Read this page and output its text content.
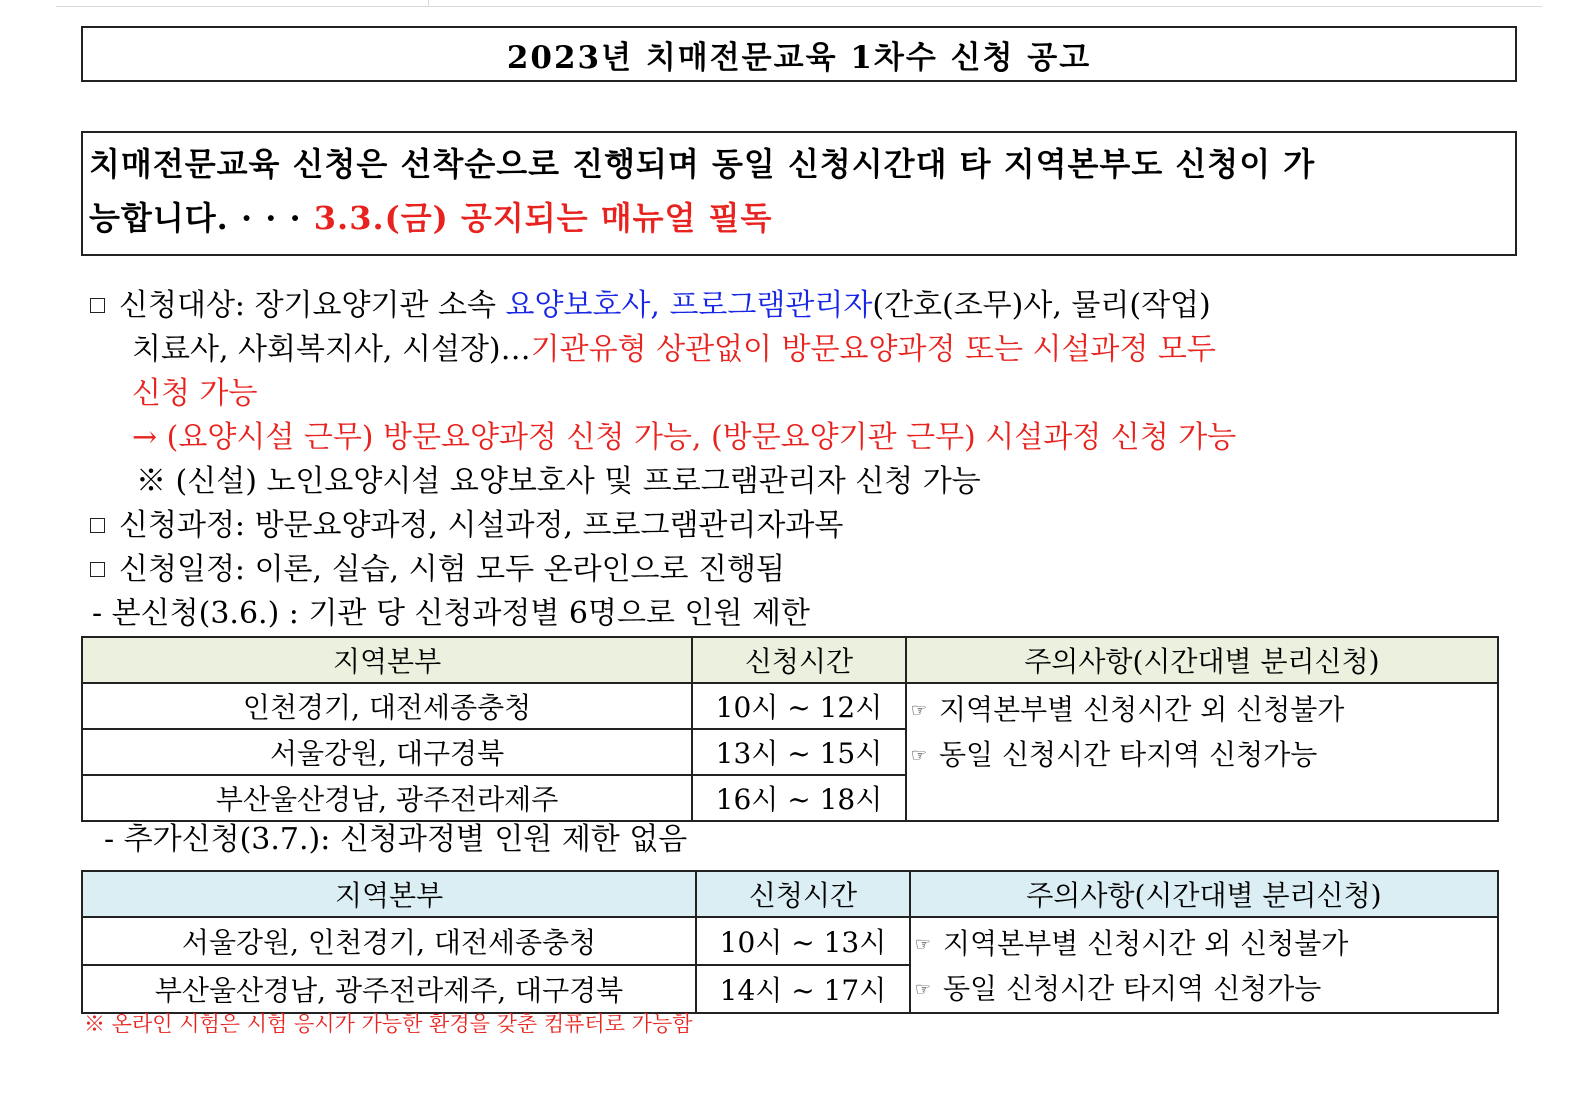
2023년 치매전문교육 1차수 신청 공고
치매전문교육 신청은 선착순으로 진행되며 동일 신청시간대 타 지역본부도 신청이 가
능합니다. · · · 3.3.(금) 공지되는 매뉴얼 필독
신청대상: 장기요양기관 소속 요양보호사, 프로그램관리자(간호(조무)사, 물리(작업)
치료사, 사회복지사, 시설장)…기관유형 상관없이 방문요양과정 또는 시설과정 모두
신청 가능
→ (요양시설 근무) 방문요양과정 신청 가능, (방문요양기관 근무) 시설과정 신청 가능
※ (신설) 노인요양시설 요양보호사 및 프로그램관리자 신청 가능
신청과정: 방문요양과정, 시설과정, 프로그램관리자과목
신청일정: 이론, 실습, 시험 모두 온라인으로 진행됨
- 본신청(3.6.) : 기관 당 신청과정별 6명으로 인원 제한
지역본부	신청시간	주의사항(시간대별 분리신청)
인천경기, 대전세종충청	10시 ~ 12시	☞ 지역본부별 신청시간 외 신청불가
☞ 동일 신청시간 타지역 신청가능

서울강원, 대구경북	13시 ~ 15시	
부산울산경남, 광주전라제주	16시 ~ 18시	
- 추가신청(3.7.): 신청과정별 인원 제한 없음
지역본부	신청시간	주의사항(시간대별 분리신청)
서울강원, 인천경기, 대전세종충청	10시 ~ 13시	☞ 지역본부별 신청시간 외 신청불가
☞ 동일 신청시간 타지역 신청가능

부산울산경남, 광주전라제주, 대구경북	14시 ~ 17시	
※ 온라인 시험은 시험 응시가 가능한 환경을 갖춘 컴퓨터로 가능함
